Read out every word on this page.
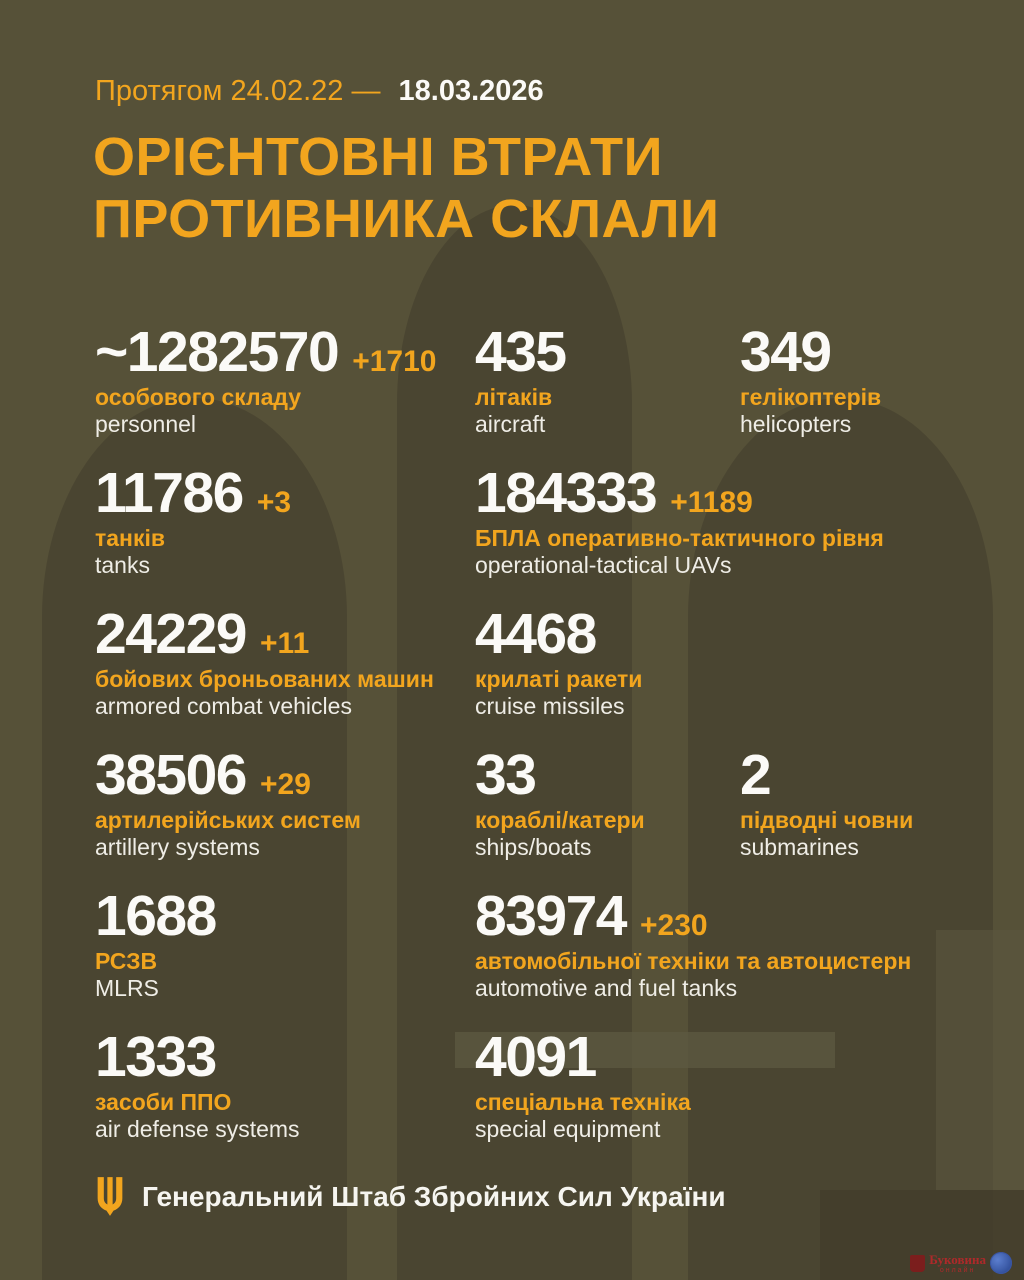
Протягом 24.02.22 — 18.03.2026
ОРІЄНТОВНІ ВТРАТИ
ПРОТИВНИКА СКЛАЛИ
~1282570 +1710
особового складу
personnel
435
літаків
aircraft
349
гелікоптерів
helicopters
11786 +3
танків
tanks
184333 +1189
БПЛА оперативно-тактичного рівня
operational-tactical UAVs
24229 +11
бойових броньованих машин
armored combat vehicles
4468
крилаті ракети
cruise missiles
38506 +29
артилерійських систем
artillery systems
33
кораблі/катери
ships/boats
2
підводні човни
submarines
1688
РСЗВ
MLRS
83974 +230
автомобільної техніки та автоцистерн
automotive and fuel tanks
1333
засоби ППО
air defense systems
4091
спеціальна техніка
special equipment
Генеральний Штаб Збройних Сил України
Буковина
онлайн
